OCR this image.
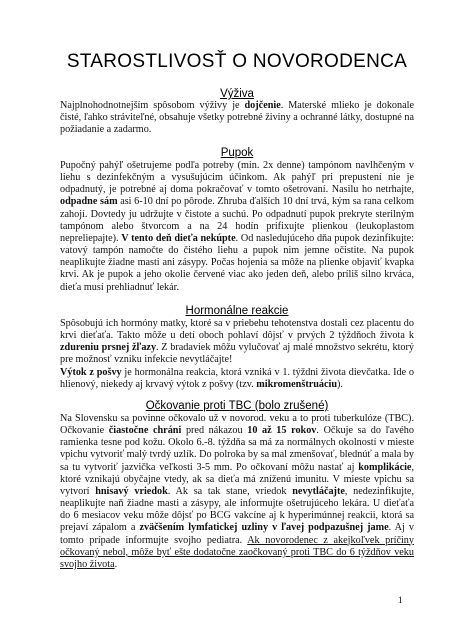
STAROSTLIVOSŤ O NOVORODENCA
Výživa
Najplnohodnotnejším spôsobom výživy je dojčenie. Materské mlieko je dokonale čisté, ľahko stráviteľné, obsahuje všetky potrebné živiny a ochranné látky, dostupné na požiadanie a zadarmo.
Pupok
Pupočný pahýľ ošetrujeme podľa potreby (min. 2x denne) tampónom navlhčeným v liehu s dezinfekčným a vysušujúcim účinkom. Ak pahýľ pri prepustení nie je odpadnutý, je potrebné aj doma pokračovať v tomto ošetrovaní. Nasilu ho netrhajte, odpadne sám asi 6-10 dní po pôrode. Zhruba ďalších 10 dní trvá, kým sa rana celkom zahojí. Dovtedy ju udržujte v čistote a suchú. Po odpadnutí pupok prekryte sterilným tampónom alebo štvorcom a na 24 hodín prifixujte plienkou (leukoplastom nepreliepajte). V tento deň dieťa nekúpte. Od nasledujúceho dňa pupok dezinfikujte: vatový tampón namočte do čistého liehu a pupok nim jemne očistite. Na pupok neaplikujte žiadne masti ani zásypy. Počas hojenia sa môže na plienke objaviť kvapka krvi. Ak je pupok a jeho okolie červené viac ako jeden deň, alebo príliš silno krváca, dieťa musí prehliadnuť lekár.
Hormonálne reakcie
Spôsobujú ich hormóny matky, ktoré sa v priebehu tehotenstva dostali cez placentu do krvi dieťaťa. Takto môže u detí oboch pohlaví dôjsť v prvých 2 týždňoch života k zdureniu prsnej žľazy. Z bradaviek môžu vylučovať aj malé množstvo sekrétu, ktorý pre možnosť vzniku infekcie nevytláčajte!
Výtok z pošvy je hormonálna reakcia, ktorá vzniká v 1. týždni života dievčatka. Ide o hlienový, niekedy aj krvavý výtok z pošvy (tzv. mikromenštruáciu).
Očkovanie proti TBC (bolo zrušené)
Na Slovensku sa povinne očkovalo už v novorod. veku a to proti tuberkulóze (TBC). Očkovanie čiastočne chráni pred nákazou 10 až 15 rokov. Očkuje sa do ľavého ramienka tesne pod kožu. Okolo 6.-8. týždňa sa má za normálnych okolností v mieste vpichu vytvoriť malý tvrdý uzlík. Do polroka by sa mal zmenšovať, blednúť a mala by sa tu vytvoriť jazvička veľkosti 3-5 mm. Po očkovaní môžu nastať aj komplikácie, ktoré vznikajú obyčajne vtedy, ak sa dieťa má zníženú imunitu. V mieste vpichu sa vytvorí hnisavý vriedok. Ak sa tak stane, vriedok nevytláčajte, nedezinfikujte, neaplikujte naň žiadne masti a zásypy, ale informujte ošetrujúceho lekára. U dieťaťa do 6 mesiacov veku môže dôjsť po BCG vakcíne aj k hyperimúnnej reakcii, ktorá sa prejaví zápalom a zväčšením lymfatickej uzliny v ľavej podpazušnej jame. Aj v tomto prípade informujte svojho pediatra. Ak novorodenec z akejkoľvek príčiny očkovaný nebol, môže byť ešte dodatočne zaočkovaný proti TBC do 6 týždňov veku svojho života.
1
